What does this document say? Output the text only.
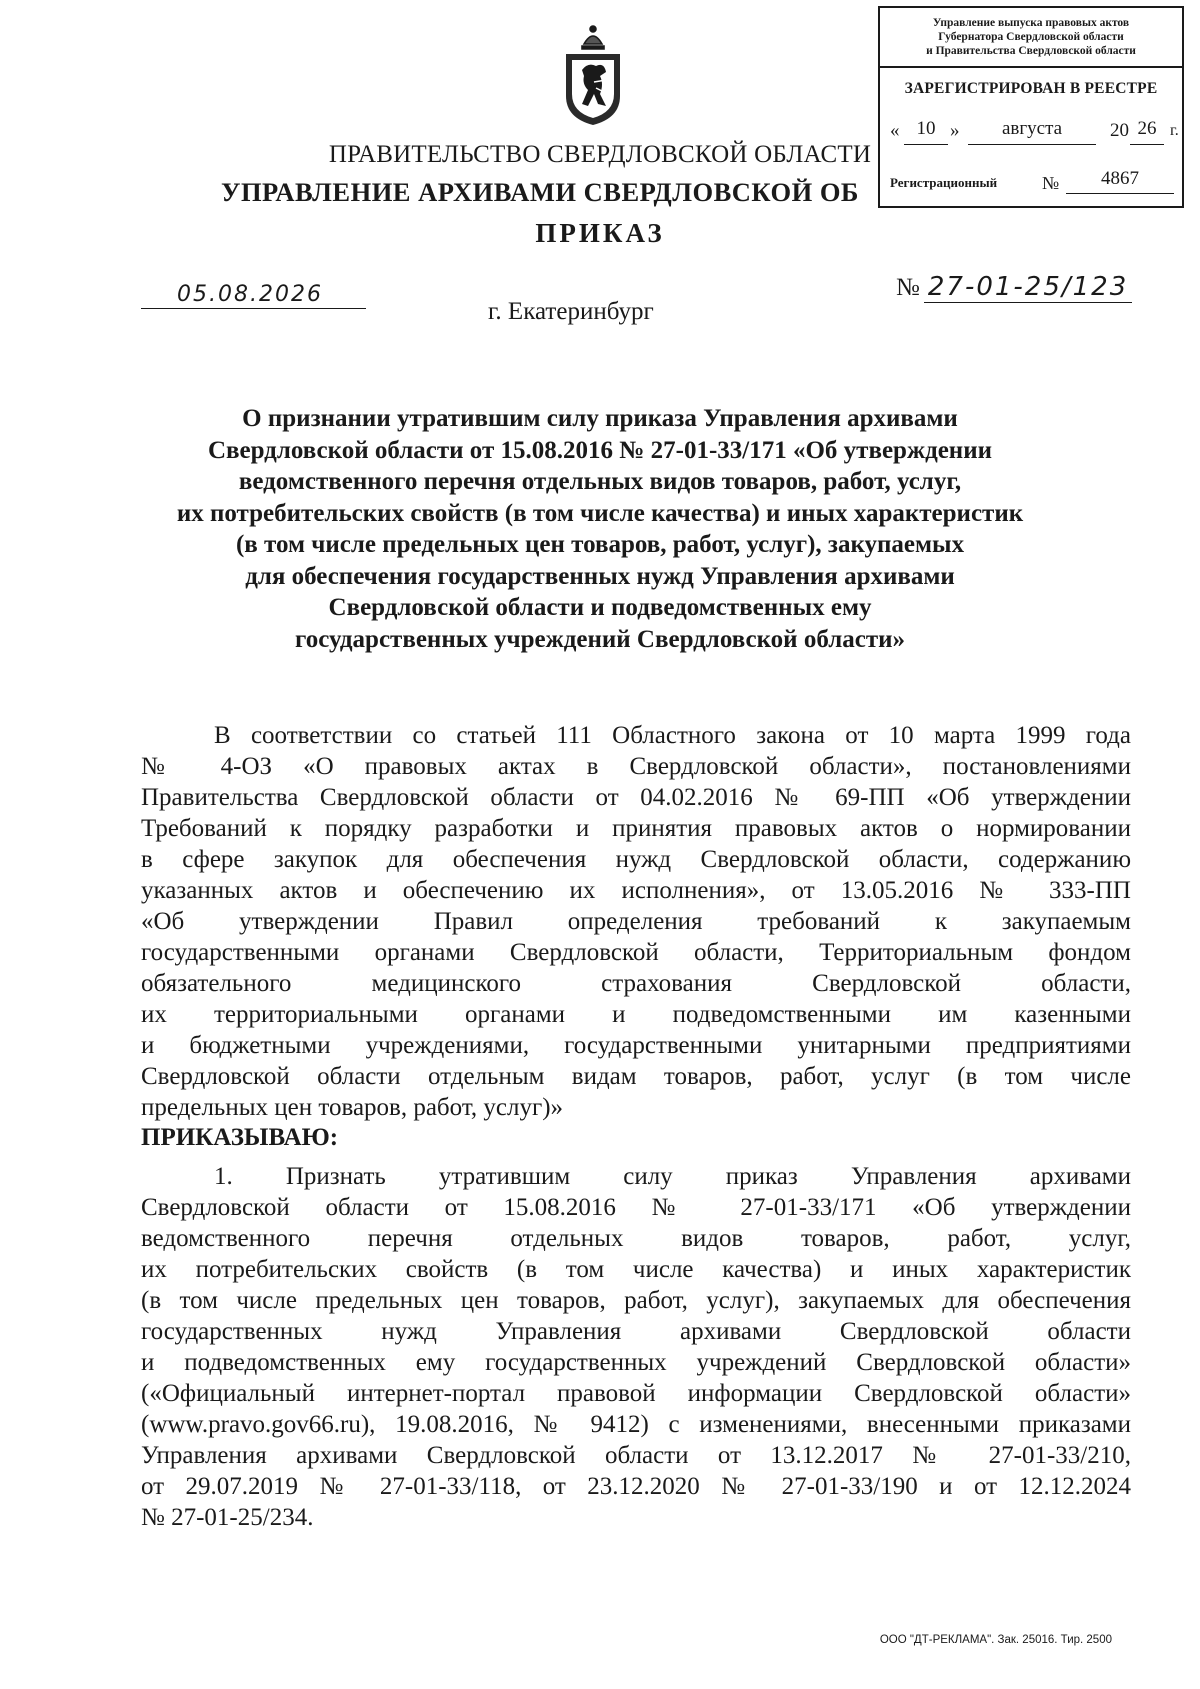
Управление выпуска правовых актов
Губернатора Свердловской области
и Правительства Свердловской области
ЗАРЕГИСТРИРОВАН В РЕЕСТРЕ
« 10 »	августа	20 26 г.
Регистрационный №	4867
ПРАВИТЕЛЬСТВО СВЕРДЛОВСКОЙ ОБЛАСТИ
УПРАВЛЕНИЕ АРХИВАМИ СВЕРДЛОВСКОЙ ОБ
ПРИКАЗ
05.08.2026	№ 27-01-25/123
г. Екатеринбург
О признании утратившим силу приказа Управления архивами
Свердловской области от 15.08.2016 № 27-01-33/171 «Об утверждении
ведомственного перечня отдельных видов товаров, работ, услуг,
их потребительских свойств (в том числе качества) и иных характеристик
(в том числе предельных цен товаров, работ, услуг), закупаемых
для обеспечения государственных нужд Управления архивами
Свердловской области и подведомственных ему
государственных учреждений Свердловской области»
В соответствии со статьей 111 Областного закона от 10 марта 1999 года
№ 4-ОЗ «О правовых актах в Свердловской области», постановлениями
Правительства Свердловской области от 04.02.2016 № 69-ПП «Об утверждении
Требований к порядку разработки и принятия правовых актов о нормировании
в сфере закупок для обеспечения нужд Свердловской области, содержанию
указанных актов и обеспечению их исполнения», от 13.05.2016 № 333-ПП
«Об утверждении Правил определения требований к закупаемым
государственными органами Свердловской области, Территориальным фондом
обязательного медицинского страхования Свердловской области,
их территориальными органами и подведомственными им казенными
и бюджетными учреждениями, государственными унитарными предприятиями
Свердловской области отдельным видам товаров, работ, услуг (в том числе
предельных цен товаров, работ, услуг)»
ПРИКАЗЫВАЮ:
1. Признать утратившим силу приказ Управления архивами
Свердловской области от 15.08.2016 № 27-01-33/171 «Об утверждении
ведомственного перечня отдельных видов товаров, работ, услуг,
их потребительских свойств (в том числе качества) и иных характеристик
(в том числе предельных цен товаров, работ, услуг), закупаемых для обеспечения
государственных нужд Управления архивами Свердловской области
и подведомственных ему государственных учреждений Свердловской области»
(«Официальный интернет-портал правовой информации Свердловской области»
(www.pravo.gov66.ru), 19.08.2016, № 9412) с изменениями, внесенными приказами
Управления архивами Свердловской области от 13.12.2017 № 27-01-33/210,
от 29.07.2019 № 27-01-33/118, от 23.12.2020 № 27-01-33/190 и от 12.12.2024
№ 27-01-25/234.
ООО "ДТ-РЕКЛАМА". Зак. 25016. Тир. 2500
